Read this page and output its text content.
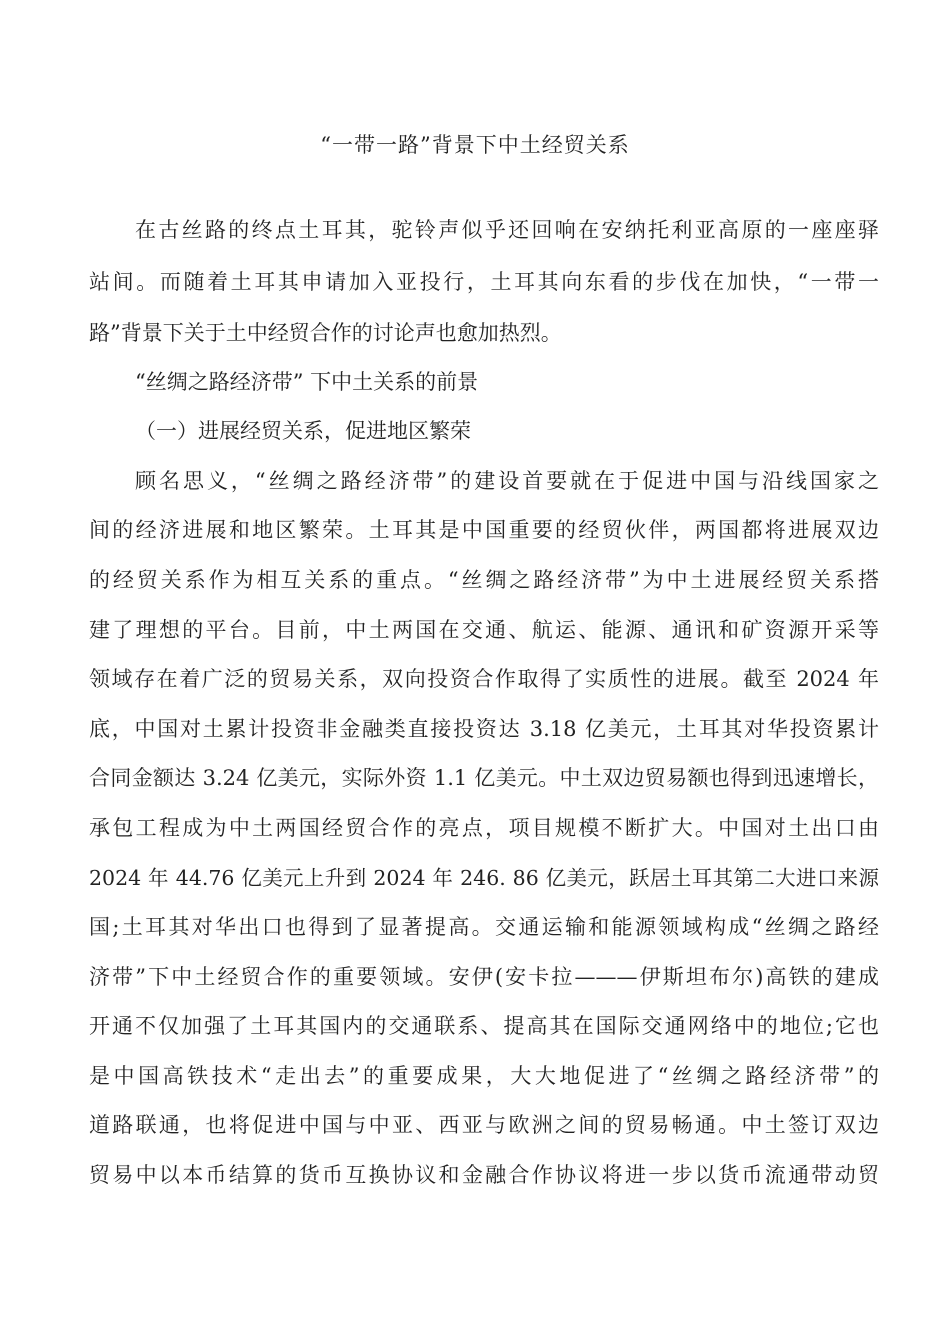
“一带一路”背景下中土经贸关系
在古丝路的终点土耳其，驼铃声似乎还回响在安纳托利亚高原的一座座驿
站间。而随着土耳其申请加入亚投行，土耳其向东看的步伐在加快，“一带一
路”背景下关于土中经贸合作的讨论声也愈加热烈。
“丝绸之路经济带” 下中土关系的前景
（一）进展经贸关系，促进地区繁荣
顾名思义，“丝绸之路经济带”的建设首要就在于促进中国与沿线国家之
间的经济进展和地区繁荣。土耳其是中国重要的经贸伙伴，两国都将进展双边
的经贸关系作为相互关系的重点。“丝绸之路经济带”为中土进展经贸关系搭
建了理想的平台。目前，中土两国在交通、航运、能源、通讯和矿资源开采等
领域存在着广泛的贸易关系，双向投资合作取得了实质性的进展。截至 2024 年
底，中国对土累计投资非金融类直接投资达 3.18 亿美元，土耳其对华投资累计
合同金额达 3.24 亿美元，实际外资 1.1 亿美元。中土双边贸易额也得到迅速增长，
承包工程成为中土两国经贸合作的亮点，项目规模不断扩大。中国对土出口由
2024 年 44.76 亿美元上升到 2024 年 246. 86 亿美元，跃居土耳其第二大进口来源
国;土耳其对华出口也得到了显著提高。交通运输和能源领域构成“丝绸之路经
济带”下中土经贸合作的重要领域。安伊(安卡拉———伊斯坦布尔)高铁的建成
开通不仅加强了土耳其国内的交通联系、提高其在国际交通网络中的地位;它也
是中国高铁技术“走出去”的重要成果，大大地促进了“丝绸之路经济带”的
道路联通，也将促进中国与中亚、西亚与欧洲之间的贸易畅通。中土签订双边
贸易中以本币结算的货币互换协议和金融合作协议将进一步以货币流通带动贸
